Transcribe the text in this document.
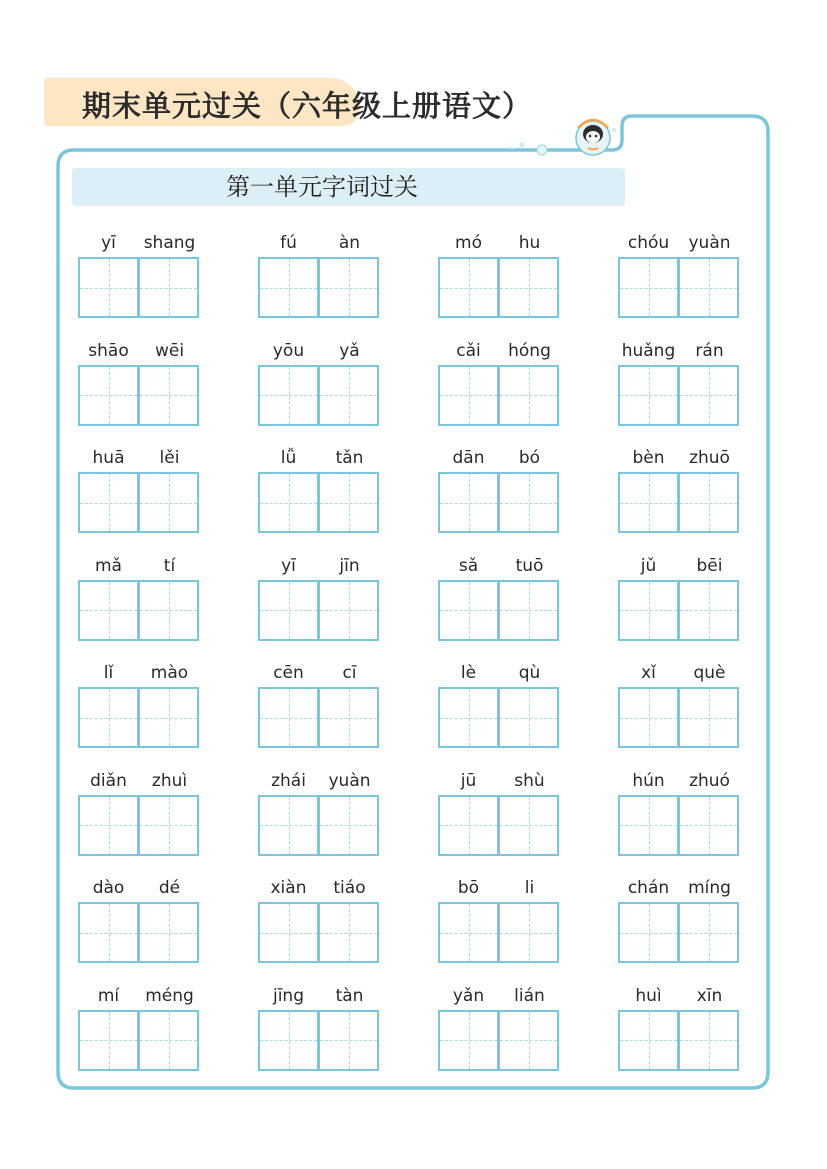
期末单元过关（六年级上册语文）
第一单元字词过关
yī	shang	fú	àn	mó	hu	chóu	yuàn
shāo	wēi	yōu	yǎ	cǎi	hóng	huǎng	rán
huā	lěi	lǚ	tǎn	dān	bó	bèn	zhuō
mǎ	tí	yī	jīn	sǎ	tuō	jǔ	bēi
lǐ	mào	cēn	cī	lè	qù	xǐ	què
diǎn	zhuì	zhái	yuàn	jū	shù	hún	zhuó
dào	dé	xiàn	tiáo	bō	li	chán	míng
mí	méng	jīng	tàn	yǎn	lián	huì	xīn
